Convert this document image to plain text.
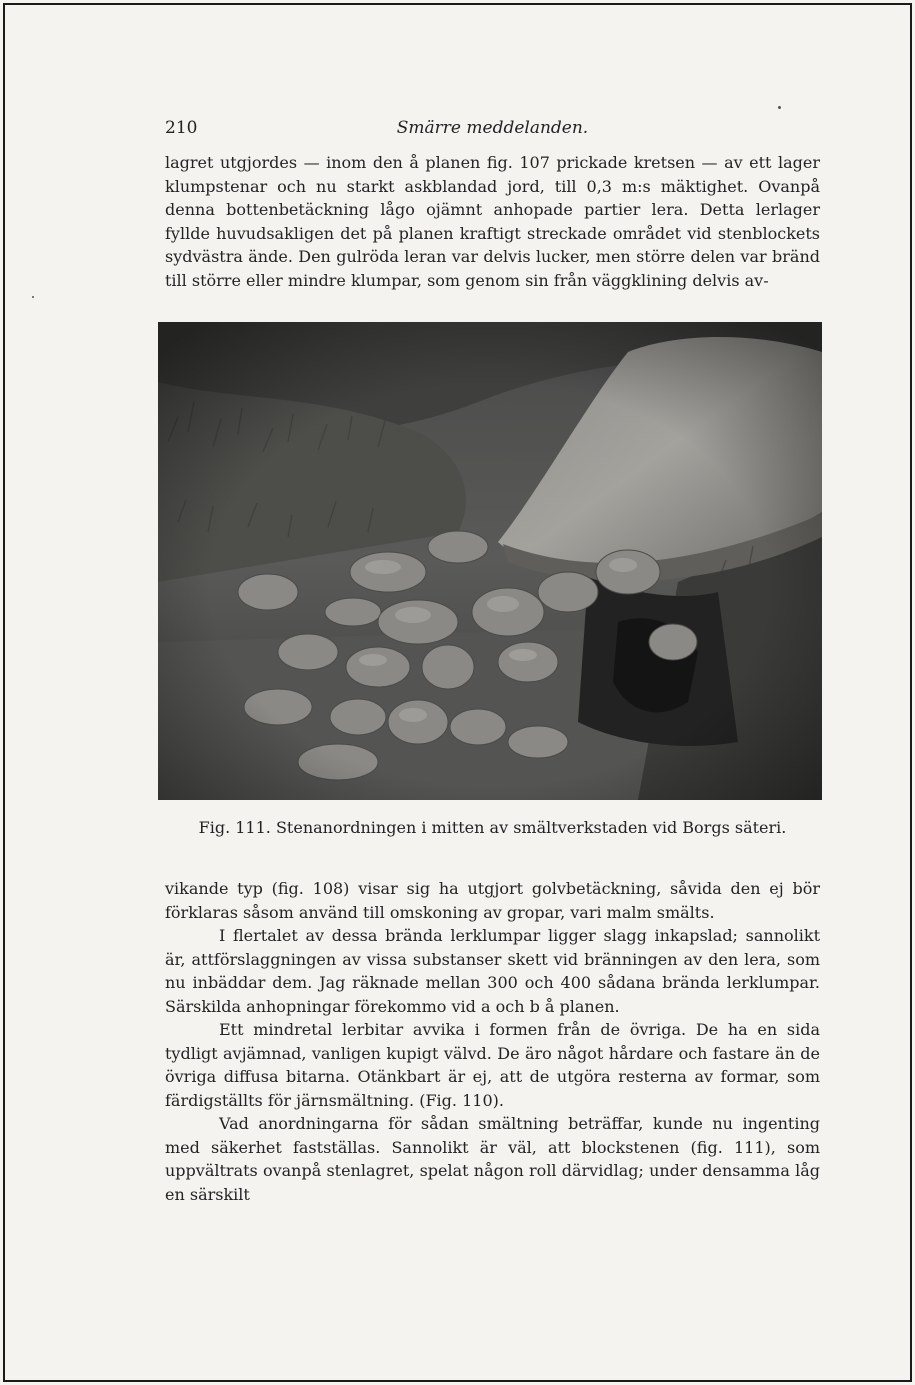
210	Smärre meddelanden.

lagret utgjordes — inom den å planen fig. 107 prickade kretsen — av ett lager klumpstenar och nu starkt askblandad jord, till 0,3 m:s mäktighet. Ovanpå denna bottenbetäckning lågo ojämnt anhopade partier lera. Detta lerlager fyllde huvudsakligen det på planen kraftigt streckade området vid stenblockets sydvästra ände. Den gulröda leran var delvis lucker, men större delen var bränd till större eller mindre klumpar, som genom sin från väggklining delvis av-

Fig. 111. Stenanordningen i mitten av smältverkstaden vid Borgs säteri.

vikande typ (fig. 108) visar sig ha utgjort golvbetäckning, såvida den ej bör förklaras såsom använd till omskoning av gropar, vari malm smälts.

I flertalet av dessa brända lerklumpar ligger slagg inkapslad; sannolikt är, attförslaggningen av vissa substanser skett vid bränningen av den lera, som nu inbäddar dem. Jag räknade mellan 300 och 400 sådana brända lerklumpar. Särskilda anhopningar förekommo vid a och b å planen.

Ett mindretal lerbitar avvika i formen från de övriga. De ha en sida tydligt avjämnad, vanligen kupigt välvd. De äro något hårdare och fastare än de övriga diffusa bitarna. Otänkbart är ej, att de utgöra resterna av formar, som färdigställts för järnsmältning. (Fig. 110).

Vad anordningarna för sådan smältning beträffar, kunde nu ingenting med säkerhet fastställas. Sannolikt är väl, att blockstenen (fig. 111), som uppvältrats ovanpå stenlagret, spelat någon roll därvidlag; under densamma låg en särskilt
